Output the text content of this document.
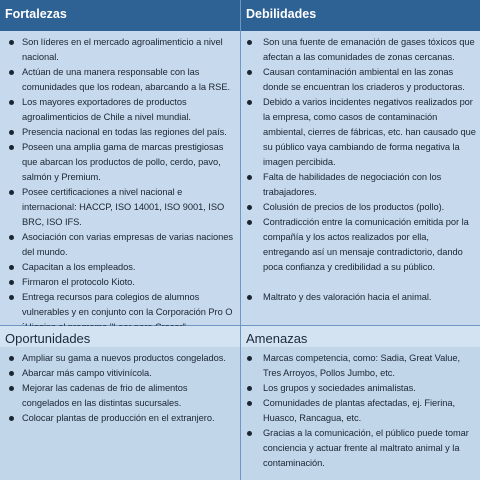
Fortalezas
Son líderes en el mercado agroalimenticio a nivel nacional.
Actúan de una manera responsable con las comunidades que los rodean, abarcando a la RSE.
Los mayores exportadores de productos agroalimenticios de Chile a nivel mundial.
Presencia nacional en todas las regiones del país.
Poseen una amplia gama de marcas prestigiosas que abarcan los productos de pollo, cerdo, pavo, salmón y Premium.
Posee certificaciones a nivel nacional e internacional: HACCP, ISO 14001, ISO 9001, ISO BRC, ISO IFS.
Asociación con varias empresas de varias naciones del mundo.
Capacitan a los empleados.
Firmaron el protocolo Kioto.
Entrega recursos para colegios de alumnos vulnerables y en conjunto con la Corporación Pro O
Debilidades
Son una fuente de emanación de gases tóxicos que afectan a las comunidades de zonas cercanas.
Causan contaminación ambiental en las zonas donde se encuentran los criaderos y productoras.
Debido a varios incidentes negativos realizados por la empresa, como casos de contaminación ambiental, cierres de fábricas, etc. han causado que su público vaya cambiando de forma negativa la imagen percibida.
Falta de habilidades de negociación con los trabajadores.
Colusión de precios de los productos (pollo).
Contradicción entre la comunicación emitida por la compañía y los actos realizados por ella, entregando así un mensaje contradictorio, dando poca confianza y credibilidad a su público.
Maltrato y des valoración hacia el animal.
Oportunidades
Ampliar su gama a nuevos productos congelados.
Abarcar más campo vitivinícola.
Mejorar las cadenas de frio de alimentos congelados en las distintas sucursales.
Colocar plantas de producción en el extranjero.
Amenazas
Marcas competencia, como: Sadia, Great Value, Tres Arroyos, Pollos Jumbo, etc.
Los grupos y sociedades animalistas.
Comunidades de plantas afectadas, ej. Fierina, Huasco, Rancagua, etc.
Gracias a la comunicación, el público puede tomar conciencia y actuar frente al maltrato animal y la contaminación.
